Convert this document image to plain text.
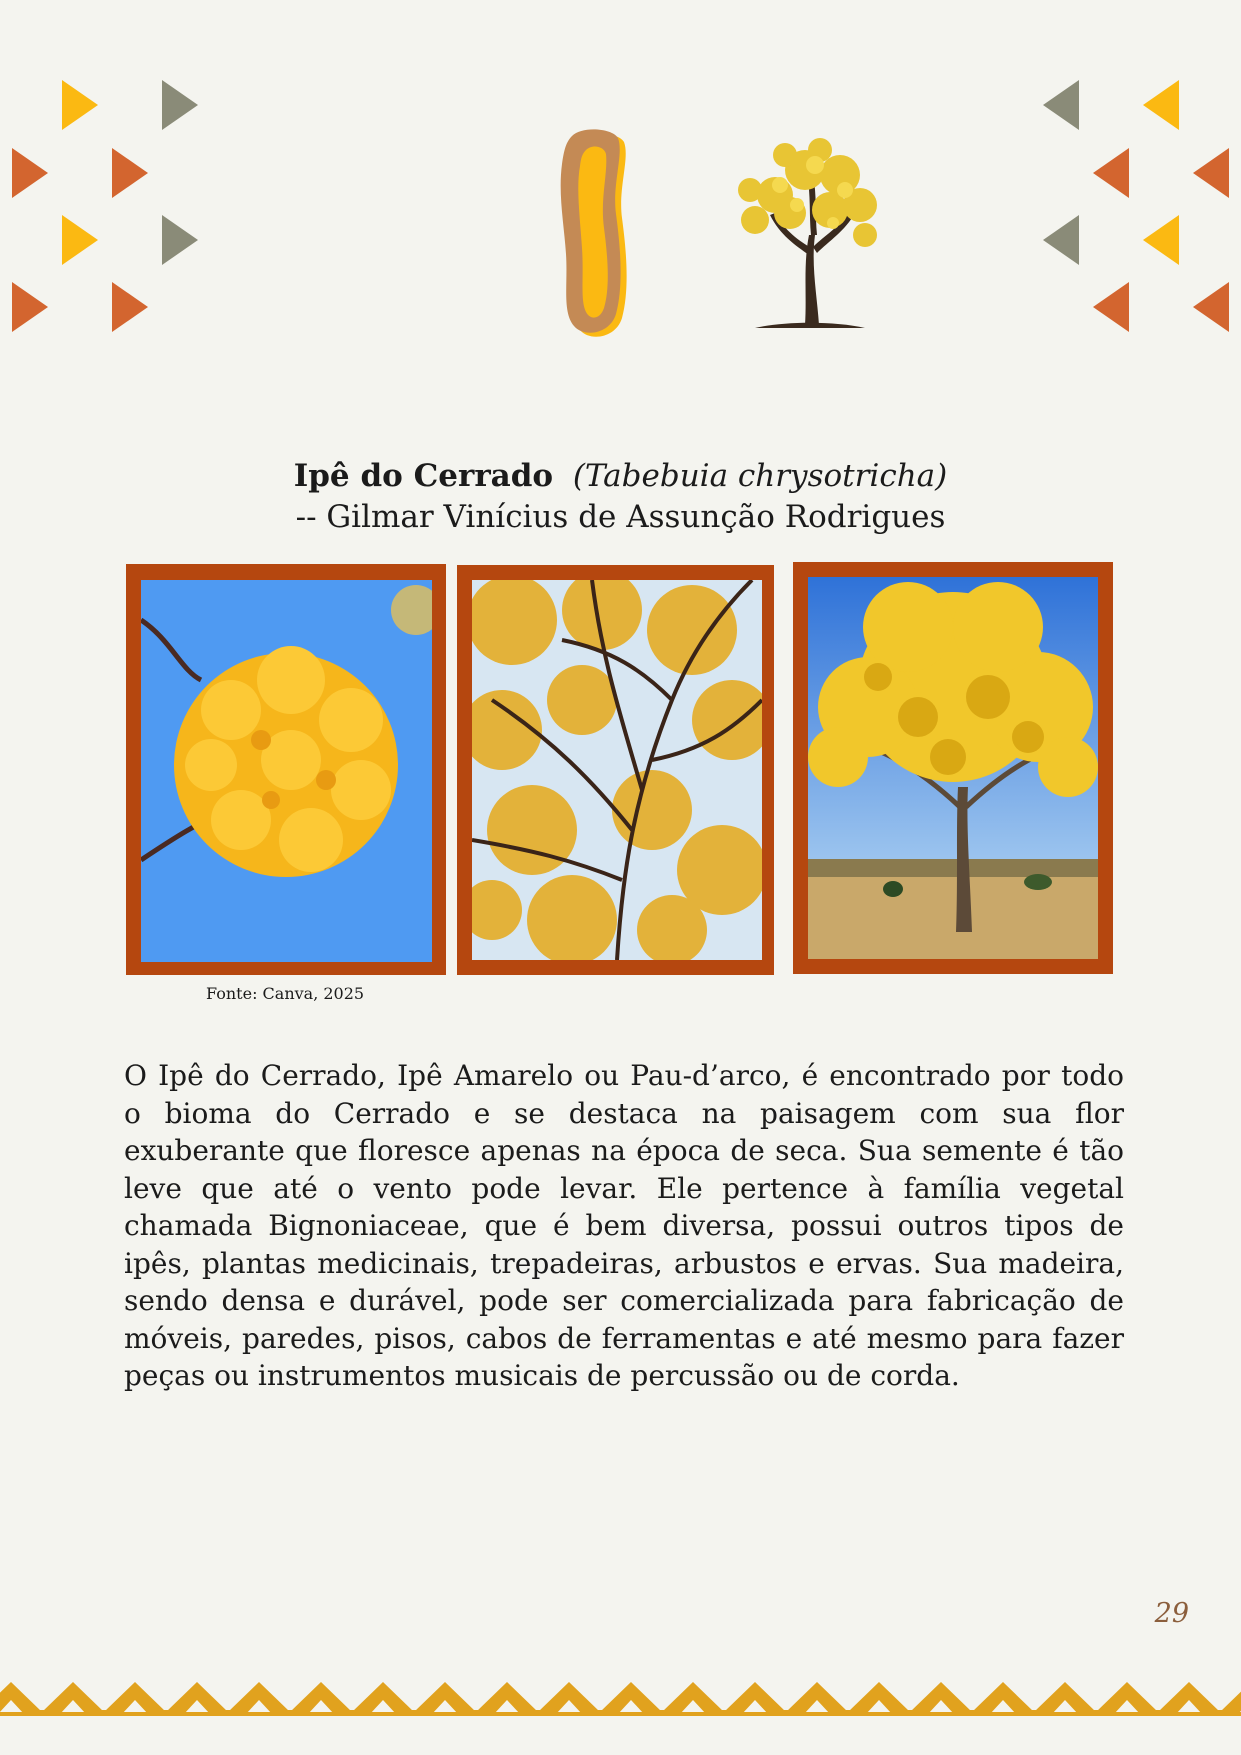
Ipê do Cerrado (Tabebuia chrysotricha)
-- Gilmar Vinícius de Assunção Rodrigues
Fonte: Canva, 2025

O Ipê do Cerrado, Ipê Amarelo ou Pau-d’arco, é encontrado por todo o bioma do Cerrado e se destaca na paisagem com sua flor exuberante que floresce apenas na época de seca. Sua semente é tão leve que até o vento pode levar. Ele pertence à família vegetal chamada Bignoniaceae, que é bem diversa, possui outros tipos de ipês, plantas medicinais, trepadeiras, arbustos e ervas. Sua madeira, sendo densa e durável, pode ser comercializada para fabricação de móveis, paredes, pisos, cabos de ferramentas e até mesmo para fazer peças ou instrumentos musicais de percussão ou de corda.

29
